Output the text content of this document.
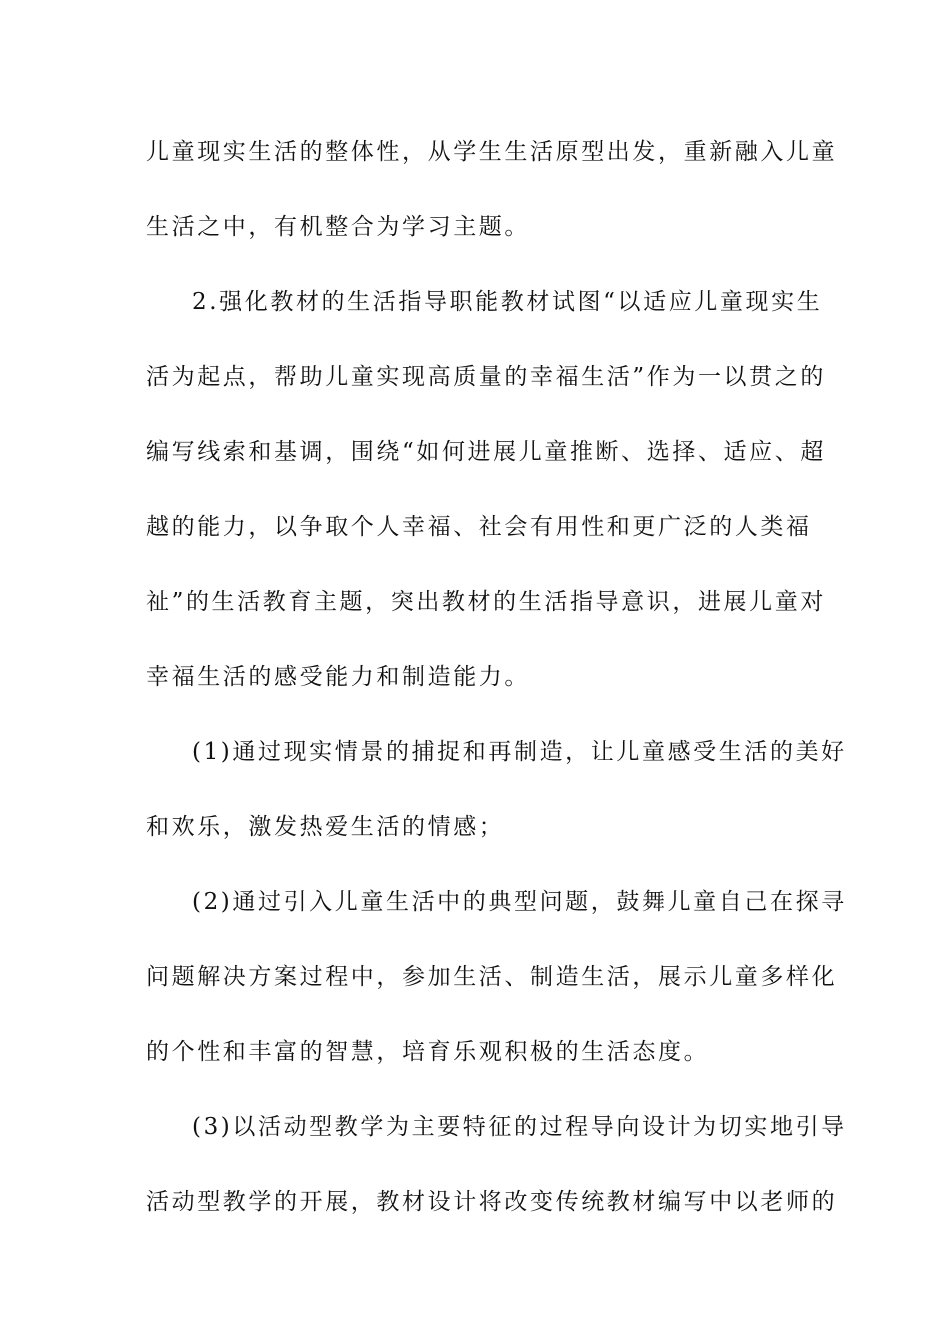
儿童现实生活的整体性，从学生生活原型出发，重新融入儿童
生活之中，有机整合为学习主题。
2.强化教材的生活指导职能教材试图“以适应儿童现实生
活为起点，帮助儿童实现高质量的幸福生活”作为一以贯之的
编写线索和基调，围绕“如何进展儿童推断、选择、适应、超
越的能力，以争取个人幸福、社会有用性和更广泛的人类福
祉”的生活教育主题，突出教材的生活指导意识，进展儿童对
幸福生活的感受能力和制造能力。
(1)通过现实情景的捕捉和再制造，让儿童感受生活的美好
和欢乐，激发热爱生活的情感；
(2)通过引入儿童生活中的典型问题，鼓舞儿童自己在探寻
问题解决方案过程中，参加生活、制造生活，展示儿童多样化
的个性和丰富的智慧，培育乐观积极的生活态度。
(3)以活动型教学为主要特征的过程导向设计为切实地引导
活动型教学的开展，教材设计将改变传统教材编写中以老师的
